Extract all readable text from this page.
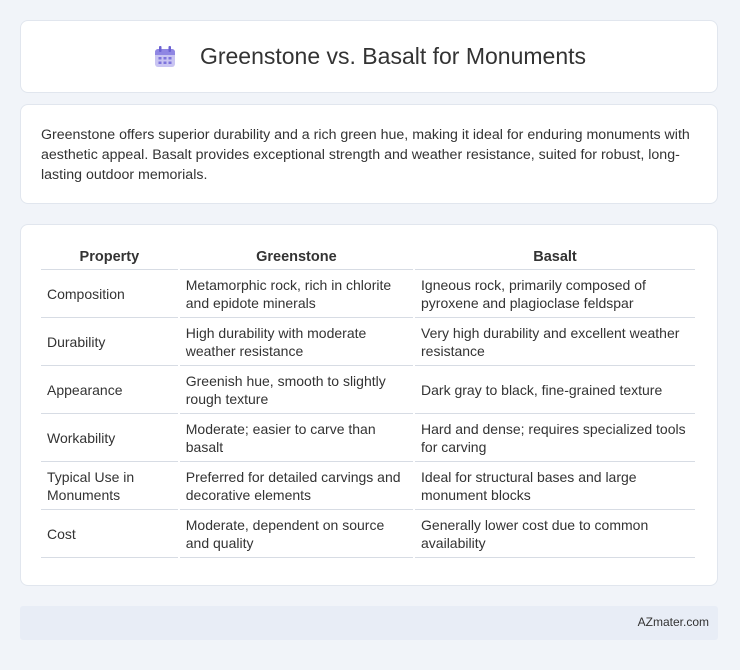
Greenstone vs. Basalt for Monuments

Greenstone offers superior durability and a rich green hue, making it ideal for enduring monuments with aesthetic appeal. Basalt provides exceptional strength and weather resistance, suited for robust, long-lasting outdoor memorials.

Property	Greenstone	Basalt
Composition	Metamorphic rock, rich in chlorite and epidote minerals	Igneous rock, primarily composed of pyroxene and plagioclase feldspar
Durability	High durability with moderate weather resistance	Very high durability and excellent weather resistance
Appearance	Greenish hue, smooth to slightly rough texture	Dark gray to black, fine-grained texture
Workability	Moderate; easier to carve than basalt	Hard and dense; requires specialized tools for carving
Typical Use in Monuments	Preferred for detailed carvings and decorative elements	Ideal for structural bases and large monument blocks
Cost	Moderate, dependent on source and quality	Generally lower cost due to common availability
AZmater.com
